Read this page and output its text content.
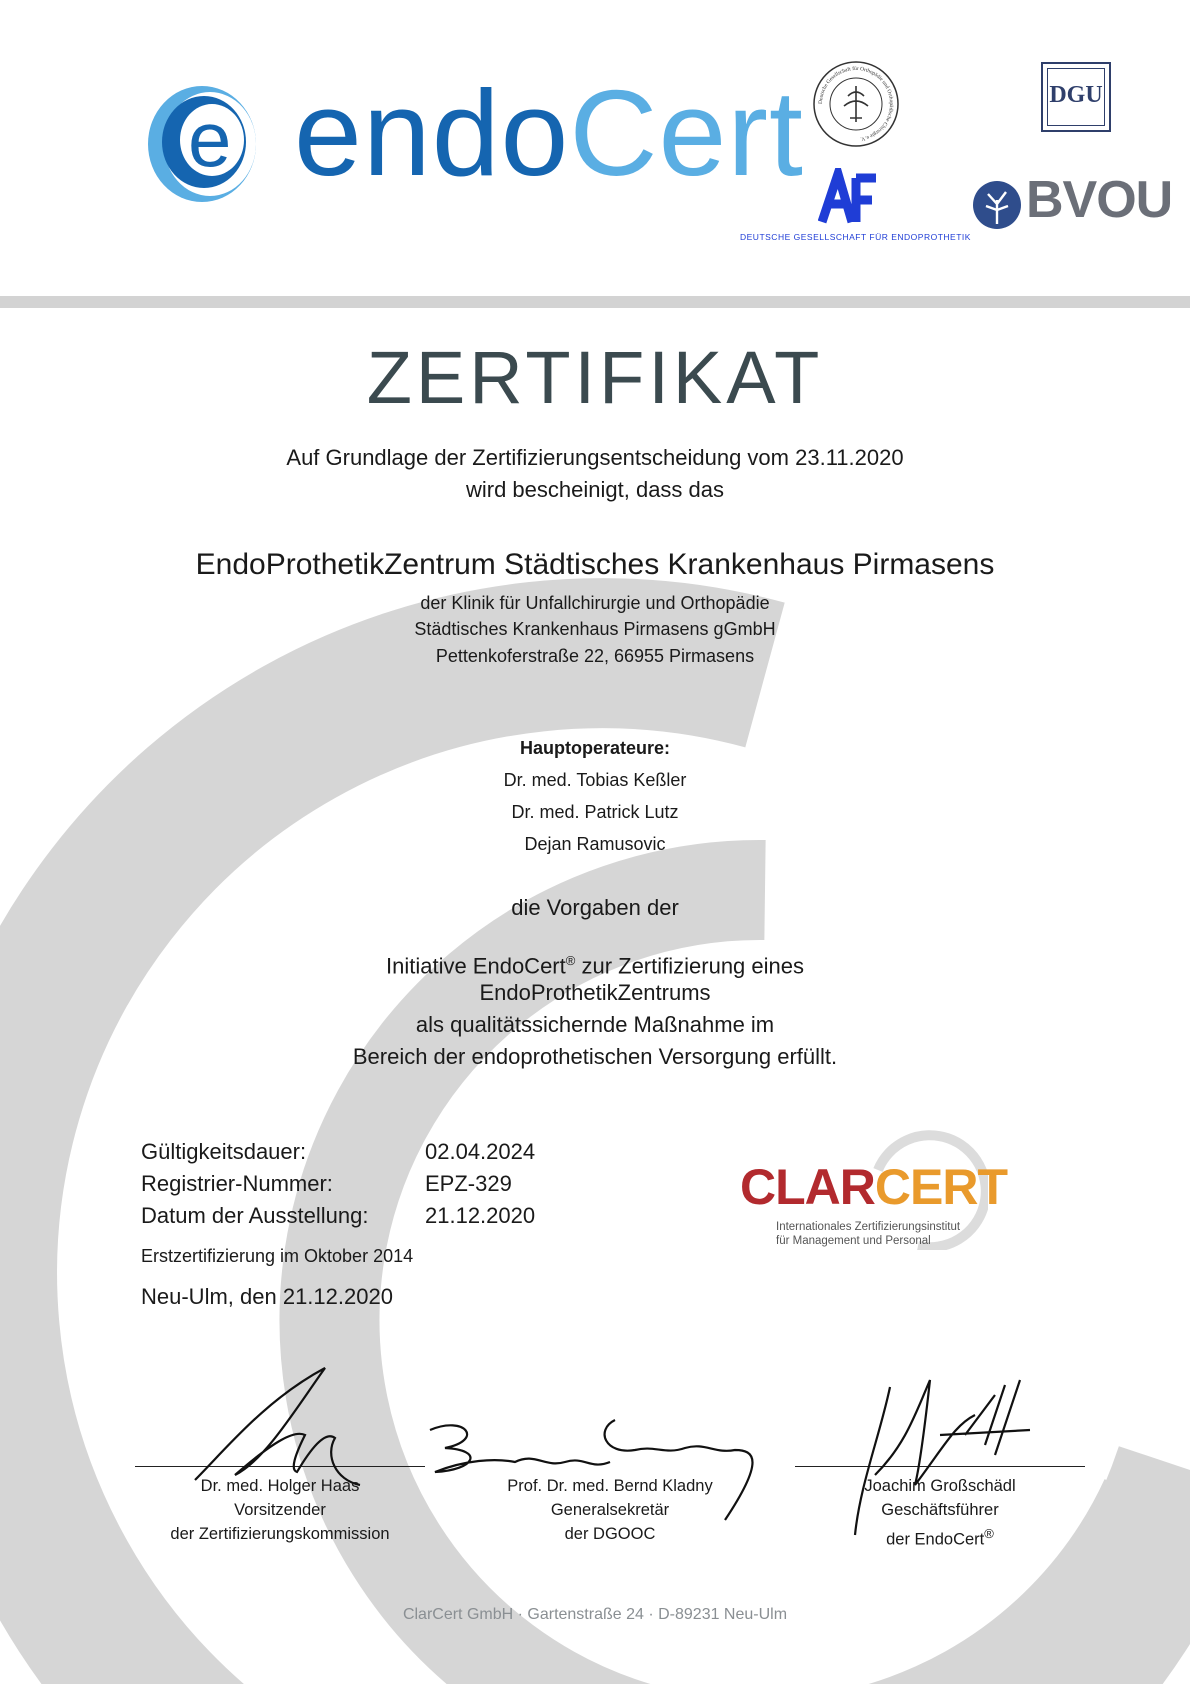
e endoCert	Deutsche Gesellschaft für Orthopädie und Orthopädische Chirurgie e.V.
DGU
DEUTSCHE GESELLSCHAFT FÜR ENDOPROTHETIK
BVOU
ZERTIFIKAT
Auf Grundlage der Zertifizierungsentscheidung vom 23.11.2020
wird bescheinigt, dass das
EndoProthetikZentrum Städtisches Krankenhaus Pirmasens
der Klinik für Unfallchirurgie und Orthopädie
Städtisches Krankenhaus Pirmasens gGmbH
Pettenkoferstraße 22, 66955 Pirmasens
Hauptoperateure:
Dr. med. Tobias Keßler
Dr. med. Patrick Lutz
Dejan Ramusovic
die Vorgaben der
Initiative EndoCert® zur Zertifizierung eines
EndoProthetikZentrums
als qualitätssichernde Maßnahme im
Bereich der endoprothetischen Versorgung erfüllt.
Gültigkeitsdauer:	02.04.2024
Registrier-Nummer:	EPZ-329
Datum der Ausstellung:	21.12.2020
Erstzertifizierung im Oktober 2014
Neu-Ulm, den 21.12.2020
CLARCERT
Internationales Zertifizierungsinstitut
für Management und Personal
Dr. med. Holger Haas
Vorsitzender
der Zertifizierungskommission
Prof. Dr. med. Bernd Kladny
Generalsekretär
der DGOOC
Joachim Großschädl
Geschäftsführer
der EndoCert®
ClarCert GmbH · Gartenstraße 24 · D-89231 Neu-Ulm
